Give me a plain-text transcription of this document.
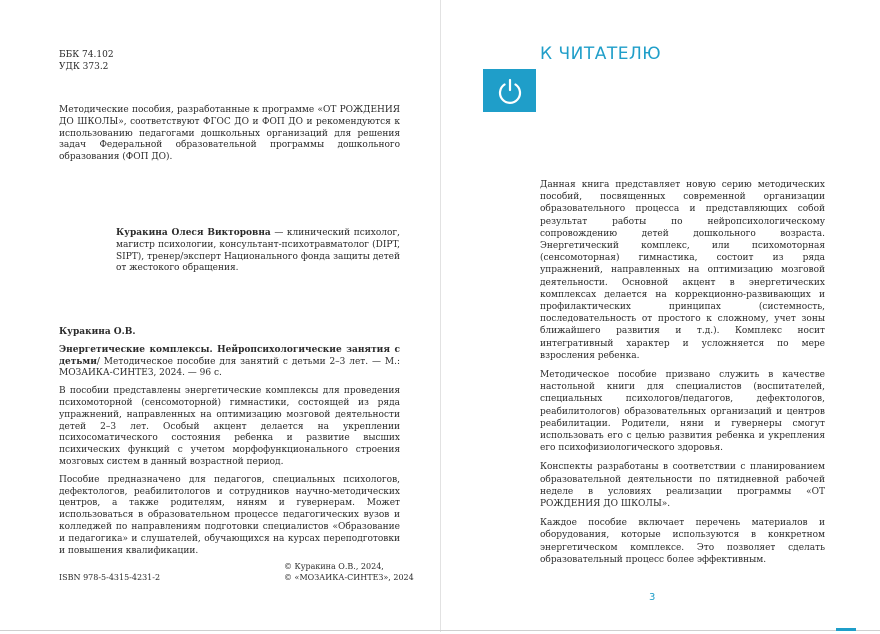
ББК 74.102
УДК 373.2
Методические пособия, разработанные к программе «ОТ РОЖДЕНИЯ ДО ШКОЛЫ», соответствуют ФГОС ДО и ФОП ДО и рекомендуются к использованию педагогами дошкольных организаций для решения задач Федеральной образовательной программы дошкольного образования (ФОП ДО).
Куракина Олеся Викторовна — клинический психолог, магистр психологии, консультант-психотравматолог (DIPT, SIPT), тренер/эксперт Национального фонда защиты детей от жестокого обращения.

Куракина О.В.

Энергетические комплексы. Нейропсихологические занятия с детьми/ Методическое пособие для занятий с детьми 2–3 лет. — М.: МОЗАИКА-СИНТЕЗ, 2024. — 96 с.

В пособии представлены энергетические комплексы для проведения психомоторной (сенсомоторной) гимнастики, состоящей из ряда упражнений, направленных на оптимизацию мозговой деятельности детей 2–3 лет. Особый акцент делается на укреплении психосоматического состояния ребенка и развитие высших психических функций с учетом морфофункционального строения мозговых систем в данный возрастной период.

Пособие предназначено для педагогов, специальных психологов, дефектологов, реабилитологов и сотрудников научно-методических центров, а также родителям, няням и гувернерам. Может использоваться в образовательном процессе педагогических вузов и колледжей по направлениям подготовки специалистов «Образование и педагогика» и слушателей, обучающихся на курсах переподготовки и повышения квалификации.

ISBN 978-5-4315-4231-2
© Куракина О.В., 2024,
© «МОЗАИКА-СИНТЕЗ», 2024
К ЧИТАТЕЛЮ

Данная книга представляет новую серию методических пособий, посвященных современной организации образовательного процесса и представляющих собой результат работы по нейропсихологическому сопровождению детей дошкольного возраста. Энергетический комплекс, или психомоторная (сенсомоторная) гимнастика, состоит из ряда упражнений, направленных на оптимизацию мозговой деятельности. Основной акцент в энергетических комплексах делается на коррекционно-развивающих и профилактических принципах (системность, последовательность от простого к сложному, учет зоны ближайшего развития и т.д.). Комплекс носит интегративный характер и усложняется по мере взросления ребенка.

Методическое пособие призвано служить в качестве настольной книги для специалистов (воспитателей, специальных психологов/педагогов, дефектологов, реабилитологов) образовательных организаций и центров реабилитации. Родители, няни и гувернеры смогут использовать его с целью развития ребенка и укрепления его психофизиологического здоровья.

Конспекты разработаны в соответствии с планированием образовательной деятельности по пятидневной рабочей неделе в условиях реализации программы «ОТ РОЖДЕНИЯ ДО ШКОЛЫ».

Каждое пособие включает перечень материалов и оборудования, которые используются в конкретном энергетическом комплексе. Это позволяет сделать образовательный процесс более эффективным.

3
